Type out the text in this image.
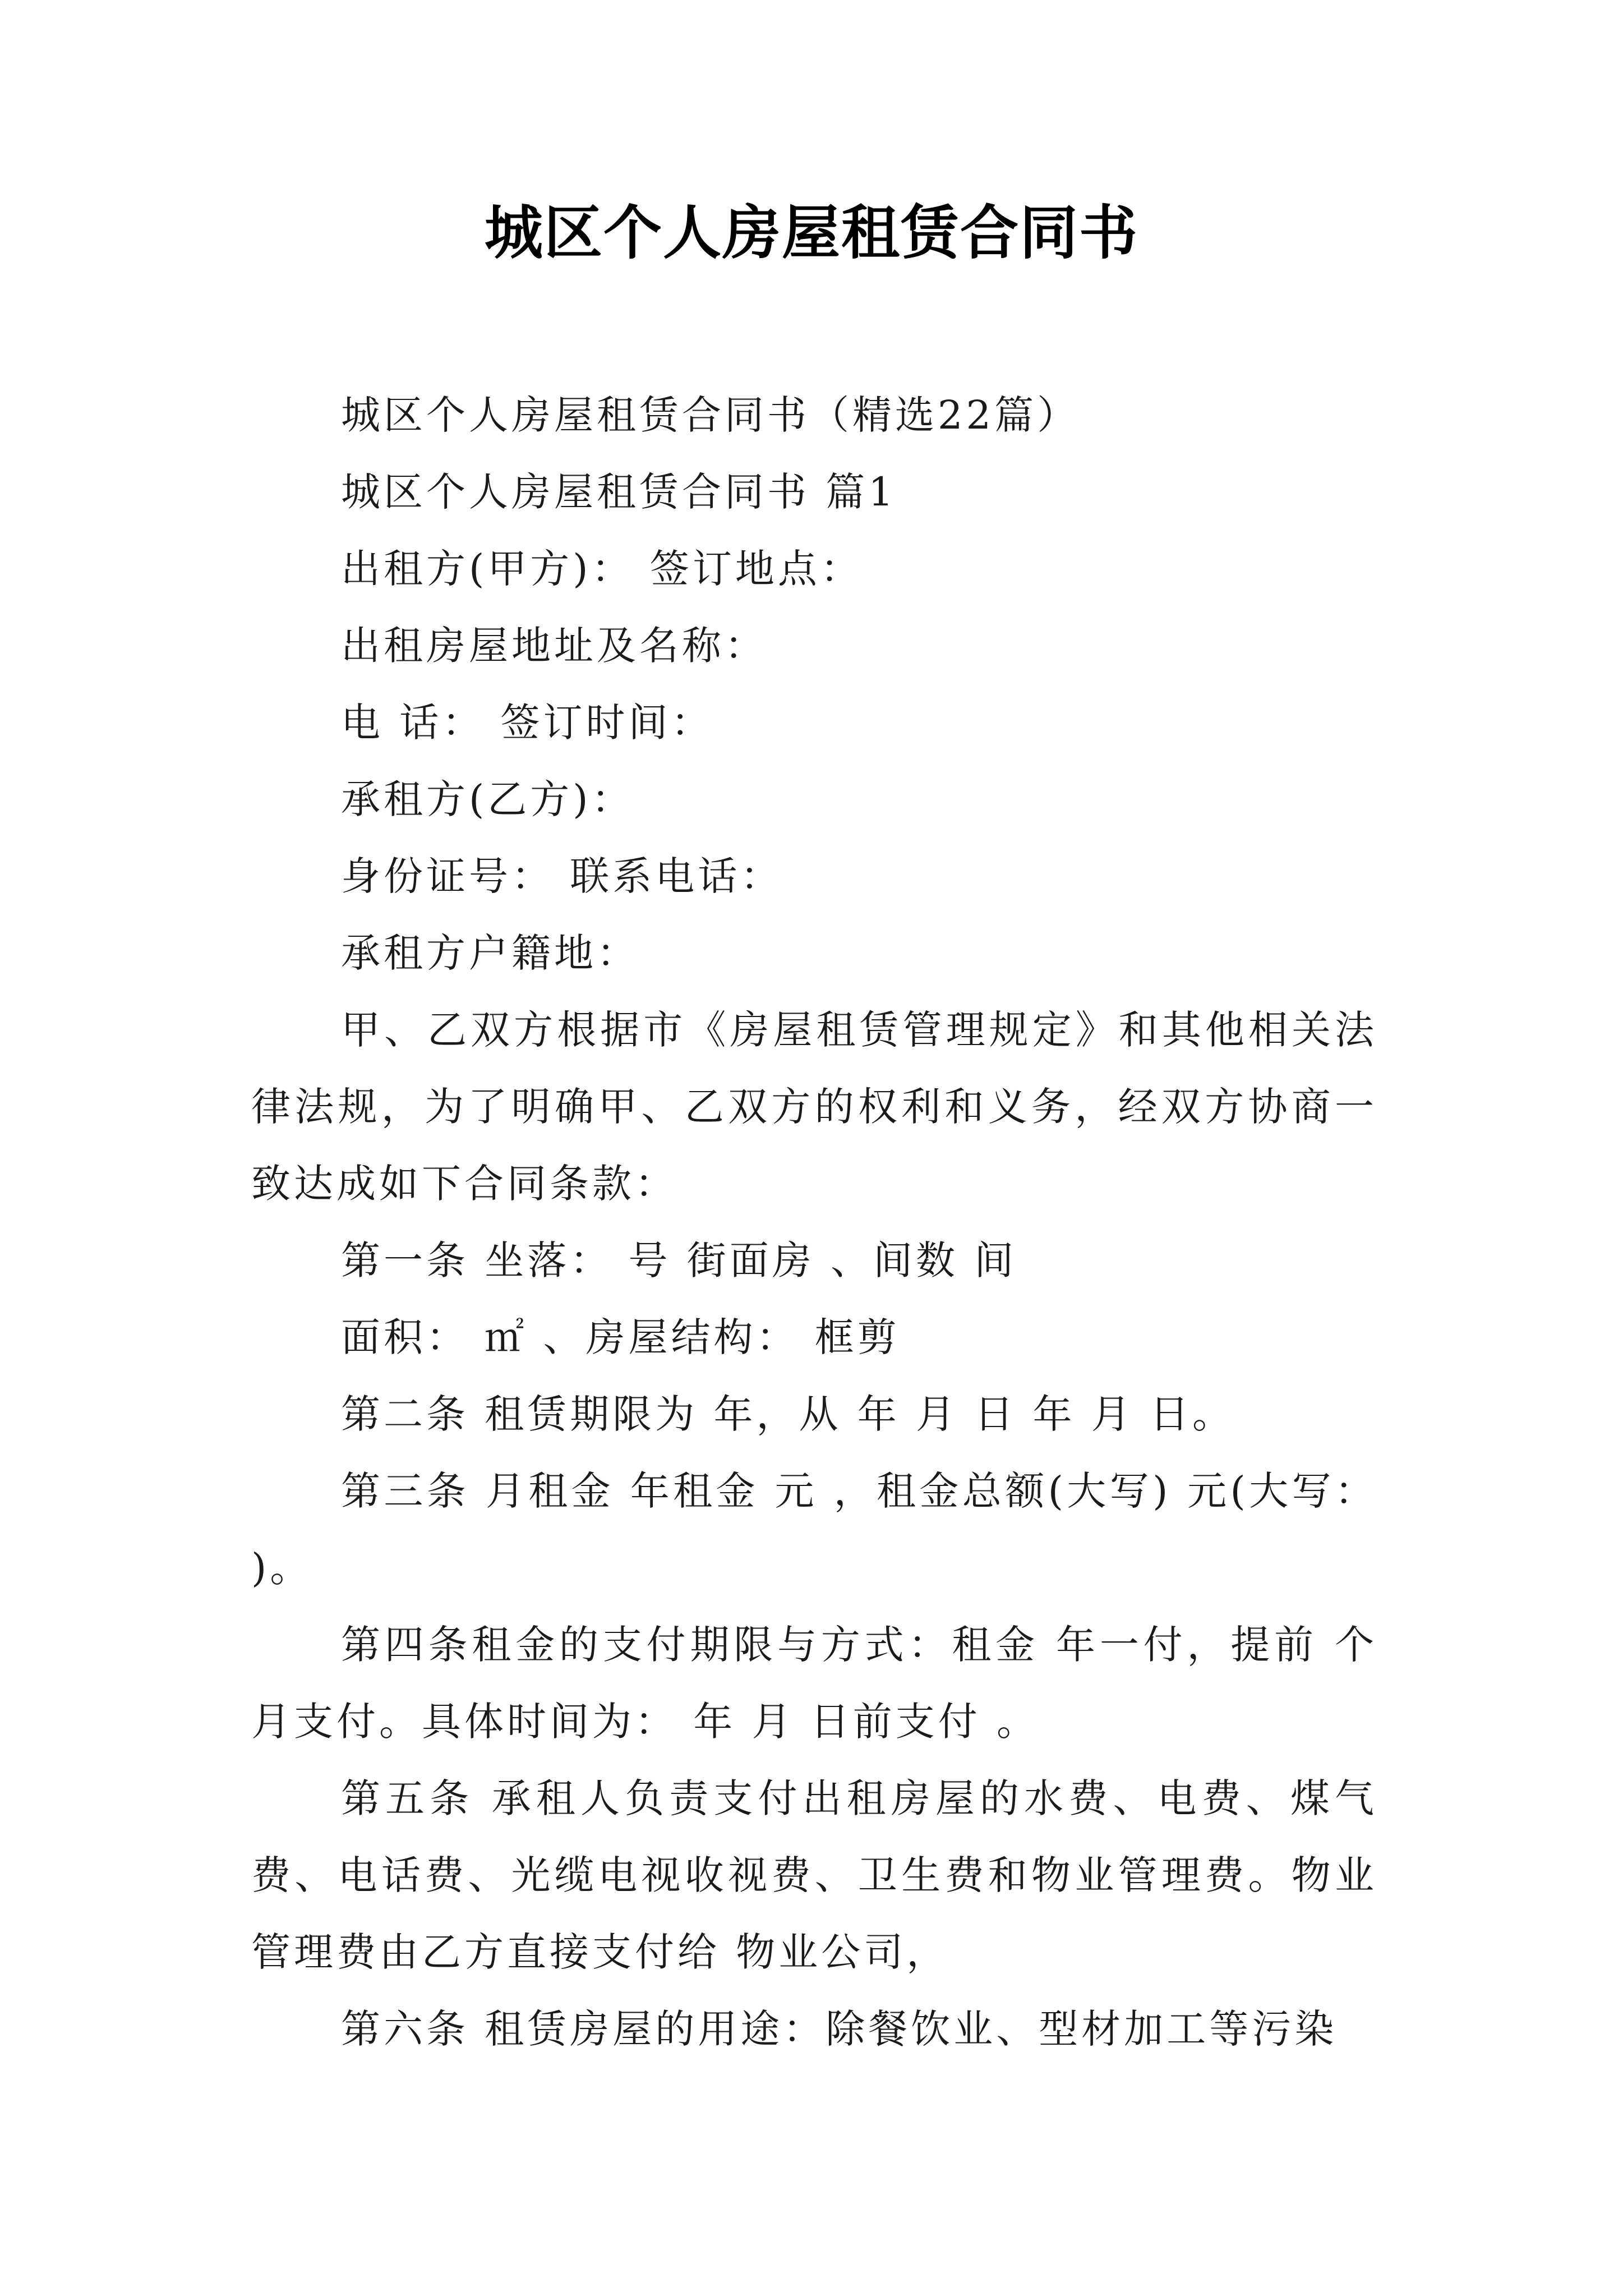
城区个人房屋租赁合同书

城区个人房屋租赁合同书（精选22篇）

城区个人房屋租赁合同书 篇1

出租方(甲方)： 签订地点：

出租房屋地址及名称：

电 话： 签订时间：

承租方(乙方)：

身份证号： 联系电话：

承租方户籍地：

甲、乙双方根据市《房屋租赁管理规定》和其他相关法律法规，为了明确甲、乙双方的权利和义务，经双方协商一致达成如下合同条款：

第一条 坐落： 号 街面房 、间数 间

面积： ㎡ 、房屋结构： 框剪

第二条 租赁期限为 年，从 年 月 日 年 月 日。

第三条 月租金 年租金 元 ，租金总额(大写) 元(大写： )。

第四条租金的支付期限与方式：租金 年一付，提前 个月支付。具体时间为： 年 月 日前支付 。

第五条 承租人负责支付出租房屋的水费、电费、煤气费、电话费、光缆电视收视费、卫生费和物业管理费。物业管理费由乙方直接支付给 物业公司，

第六条 租赁房屋的用途：除餐饮业、型材加工等污染
